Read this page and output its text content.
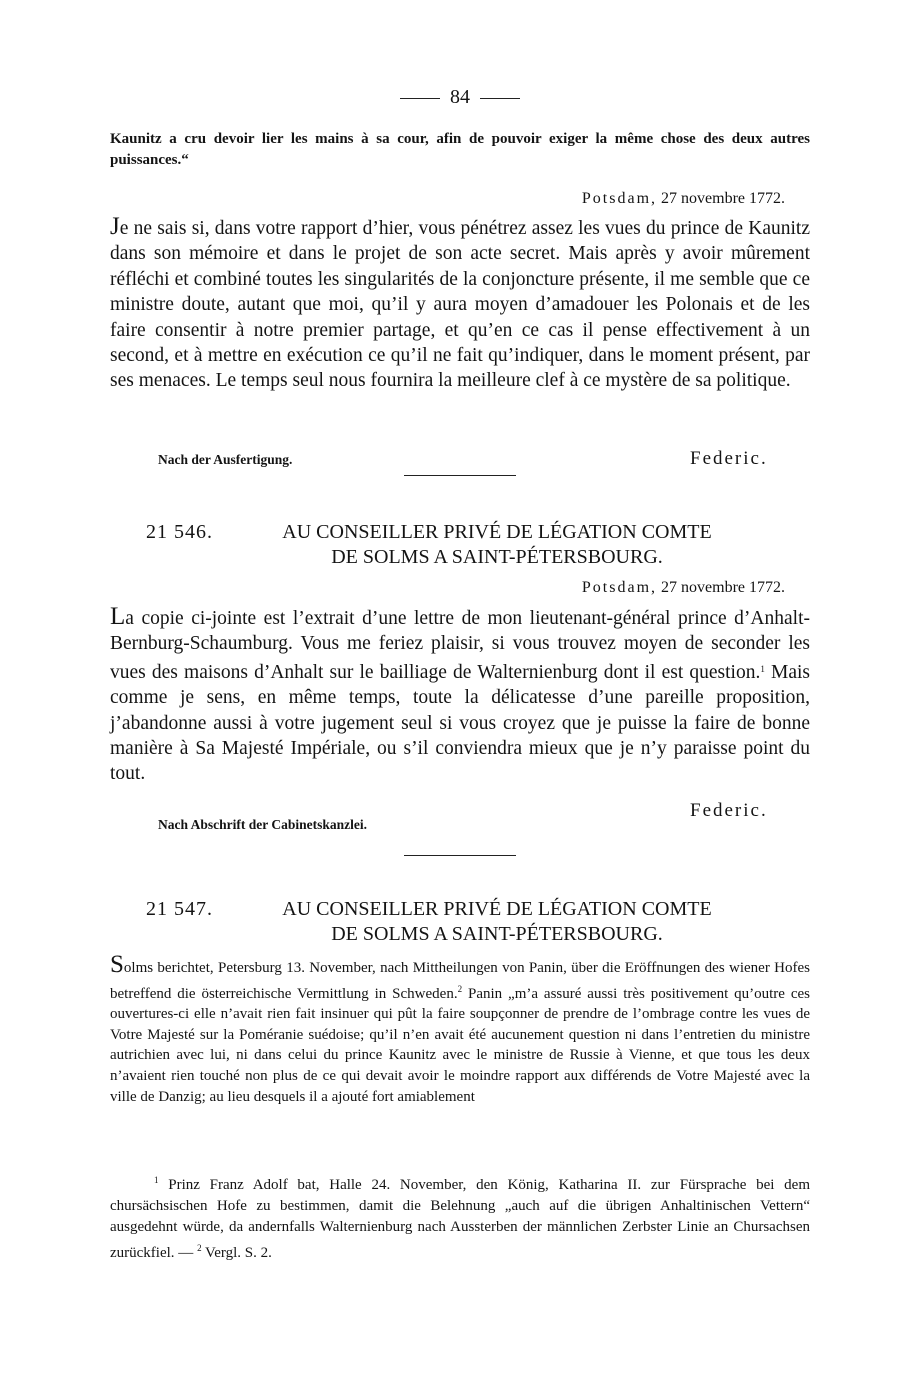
84
Kaunitz a cru devoir lier les mains à sa cour, afin de pouvoir exiger la même chose des deux autres puissances.“
Potsdam, 27 novembre 1772.
Je ne sais si, dans votre rapport d’hier, vous pénétrez assez les vues du prince de Kaunitz dans son mémoire et dans le projet de son acte secret. Mais après y avoir mûrement réfléchi et combiné toutes les singularités de la conjoncture présente, il me semble que ce ministre doute, autant que moi, qu’il y aura moyen d’amadouer les Polonais et de les faire consentir à notre premier partage, et qu’en ce cas il pense effectivement à un second, et à mettre en exécution ce qu’il ne fait qu’indiquer, dans le moment présent, par ses menaces. Le temps seul nous fournira la meilleure clef à ce mystère de sa politique.
Nach der Ausfertigung.	Federic.
21 546.	AU CONSEILLER PRIVÉ DE LÉGATION COMTE
DE SOLMS A SAINT-PÉTERSBOURG.
Potsdam, 27 novembre 1772.
La copie ci-jointe est l’extrait d’une lettre de mon lieutenant-général prince d’Anhalt-Bernburg-Schaumburg. Vous me feriez plaisir, si vous trouvez moyen de seconder les vues des maisons d’Anhalt sur le bailliage de Walternienburg dont il est question.$^1$ Mais comme je sens, en même temps, toute la délicatesse d’une pareille proposition, j’abandonne aussi à votre jugement seul si vous croyez que je puisse la faire de bonne manière à Sa Majesté Impériale, ou s’il conviendra mieux que je n’y paraisse point du tout.
Nach Abschrift der Cabinetskanzlei.
Federic.
21 547.	AU CONSEILLER PRIVÉ DE LÉGATION COMTE
DE SOLMS A SAINT-PÉTERSBOURG.
Solms berichtet, Petersburg 13. November, nach Mittheilungen von Panin, über die Eröffnungen des wiener Hofes betreffend die österreichische Vermittlung in Schweden.$^2$ Panin „m’a assuré aussi très positivement qu’outre ces ouvertures-ci elle n’avait rien fait insinuer qui pût la faire soupçonner de prendre de l’ombrage contre les vues de Votre Majesté sur la Poméranie suédoise; qu’il n’en avait été aucunement question ni dans l’entretien du ministre autrichien avec lui, ni dans celui du prince Kaunitz avec le ministre de Russie à Vienne, et que tous les deux n’avaient rien touché non plus de ce qui devait avoir le moindre rapport aux différends de Votre Majesté avec la ville de Danzig; au lieu desquels il a ajouté fort amiablement
$^1$ Prinz Franz Adolf bat, Halle 24. November, den König, Katharina II. zur Fürsprache bei dem chursächsischen Hofe zu bestimmen, damit die Belehnung „auch auf die übrigen Anhaltinischen Vettern“ ausgedehnt würde, da andernfalls Walternienburg nach Aussterben der männlichen Zerbster Linie an Chursachsen zurückfiel. — $^2$ Vergl. S. 2.
